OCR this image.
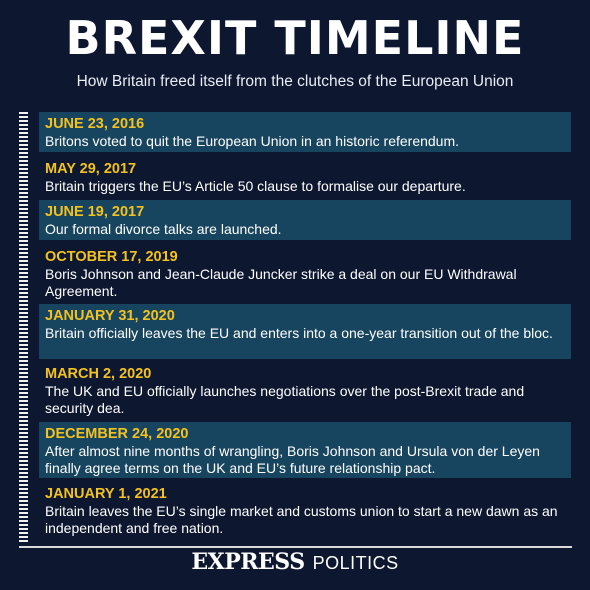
BREXIT TIMELINE
How Britain freed itself from the clutches of the European Union
JUNE 23, 2016
Britons voted to quit the European Union in an historic referendum.
MAY 29, 2017
Britain triggers the EU’s Article 50 clause to formalise our departure.
JUNE 19, 2017
Our formal divorce talks are launched.
OCTOBER 17, 2019
Boris Johnson and Jean-Claude Juncker strike a deal on our EU Withdrawal Agreement.
JANUARY 31, 2020
Britain officially leaves the EU and enters into a one-year transition out of the bloc.
MARCH 2, 2020
The UK and EU officially launches negotiations over the post-Brexit trade and security dea.
DECEMBER 24, 2020
After almost nine months of wrangling, Boris Johnson and Ursula von der Leyen finally agree terms on the UK and EU’s future relationship pact.
JANUARY 1, 2021
Britain leaves the EU’s single market and customs union to start a new dawn as an independent and free nation.
EXPRESS POLITICS
